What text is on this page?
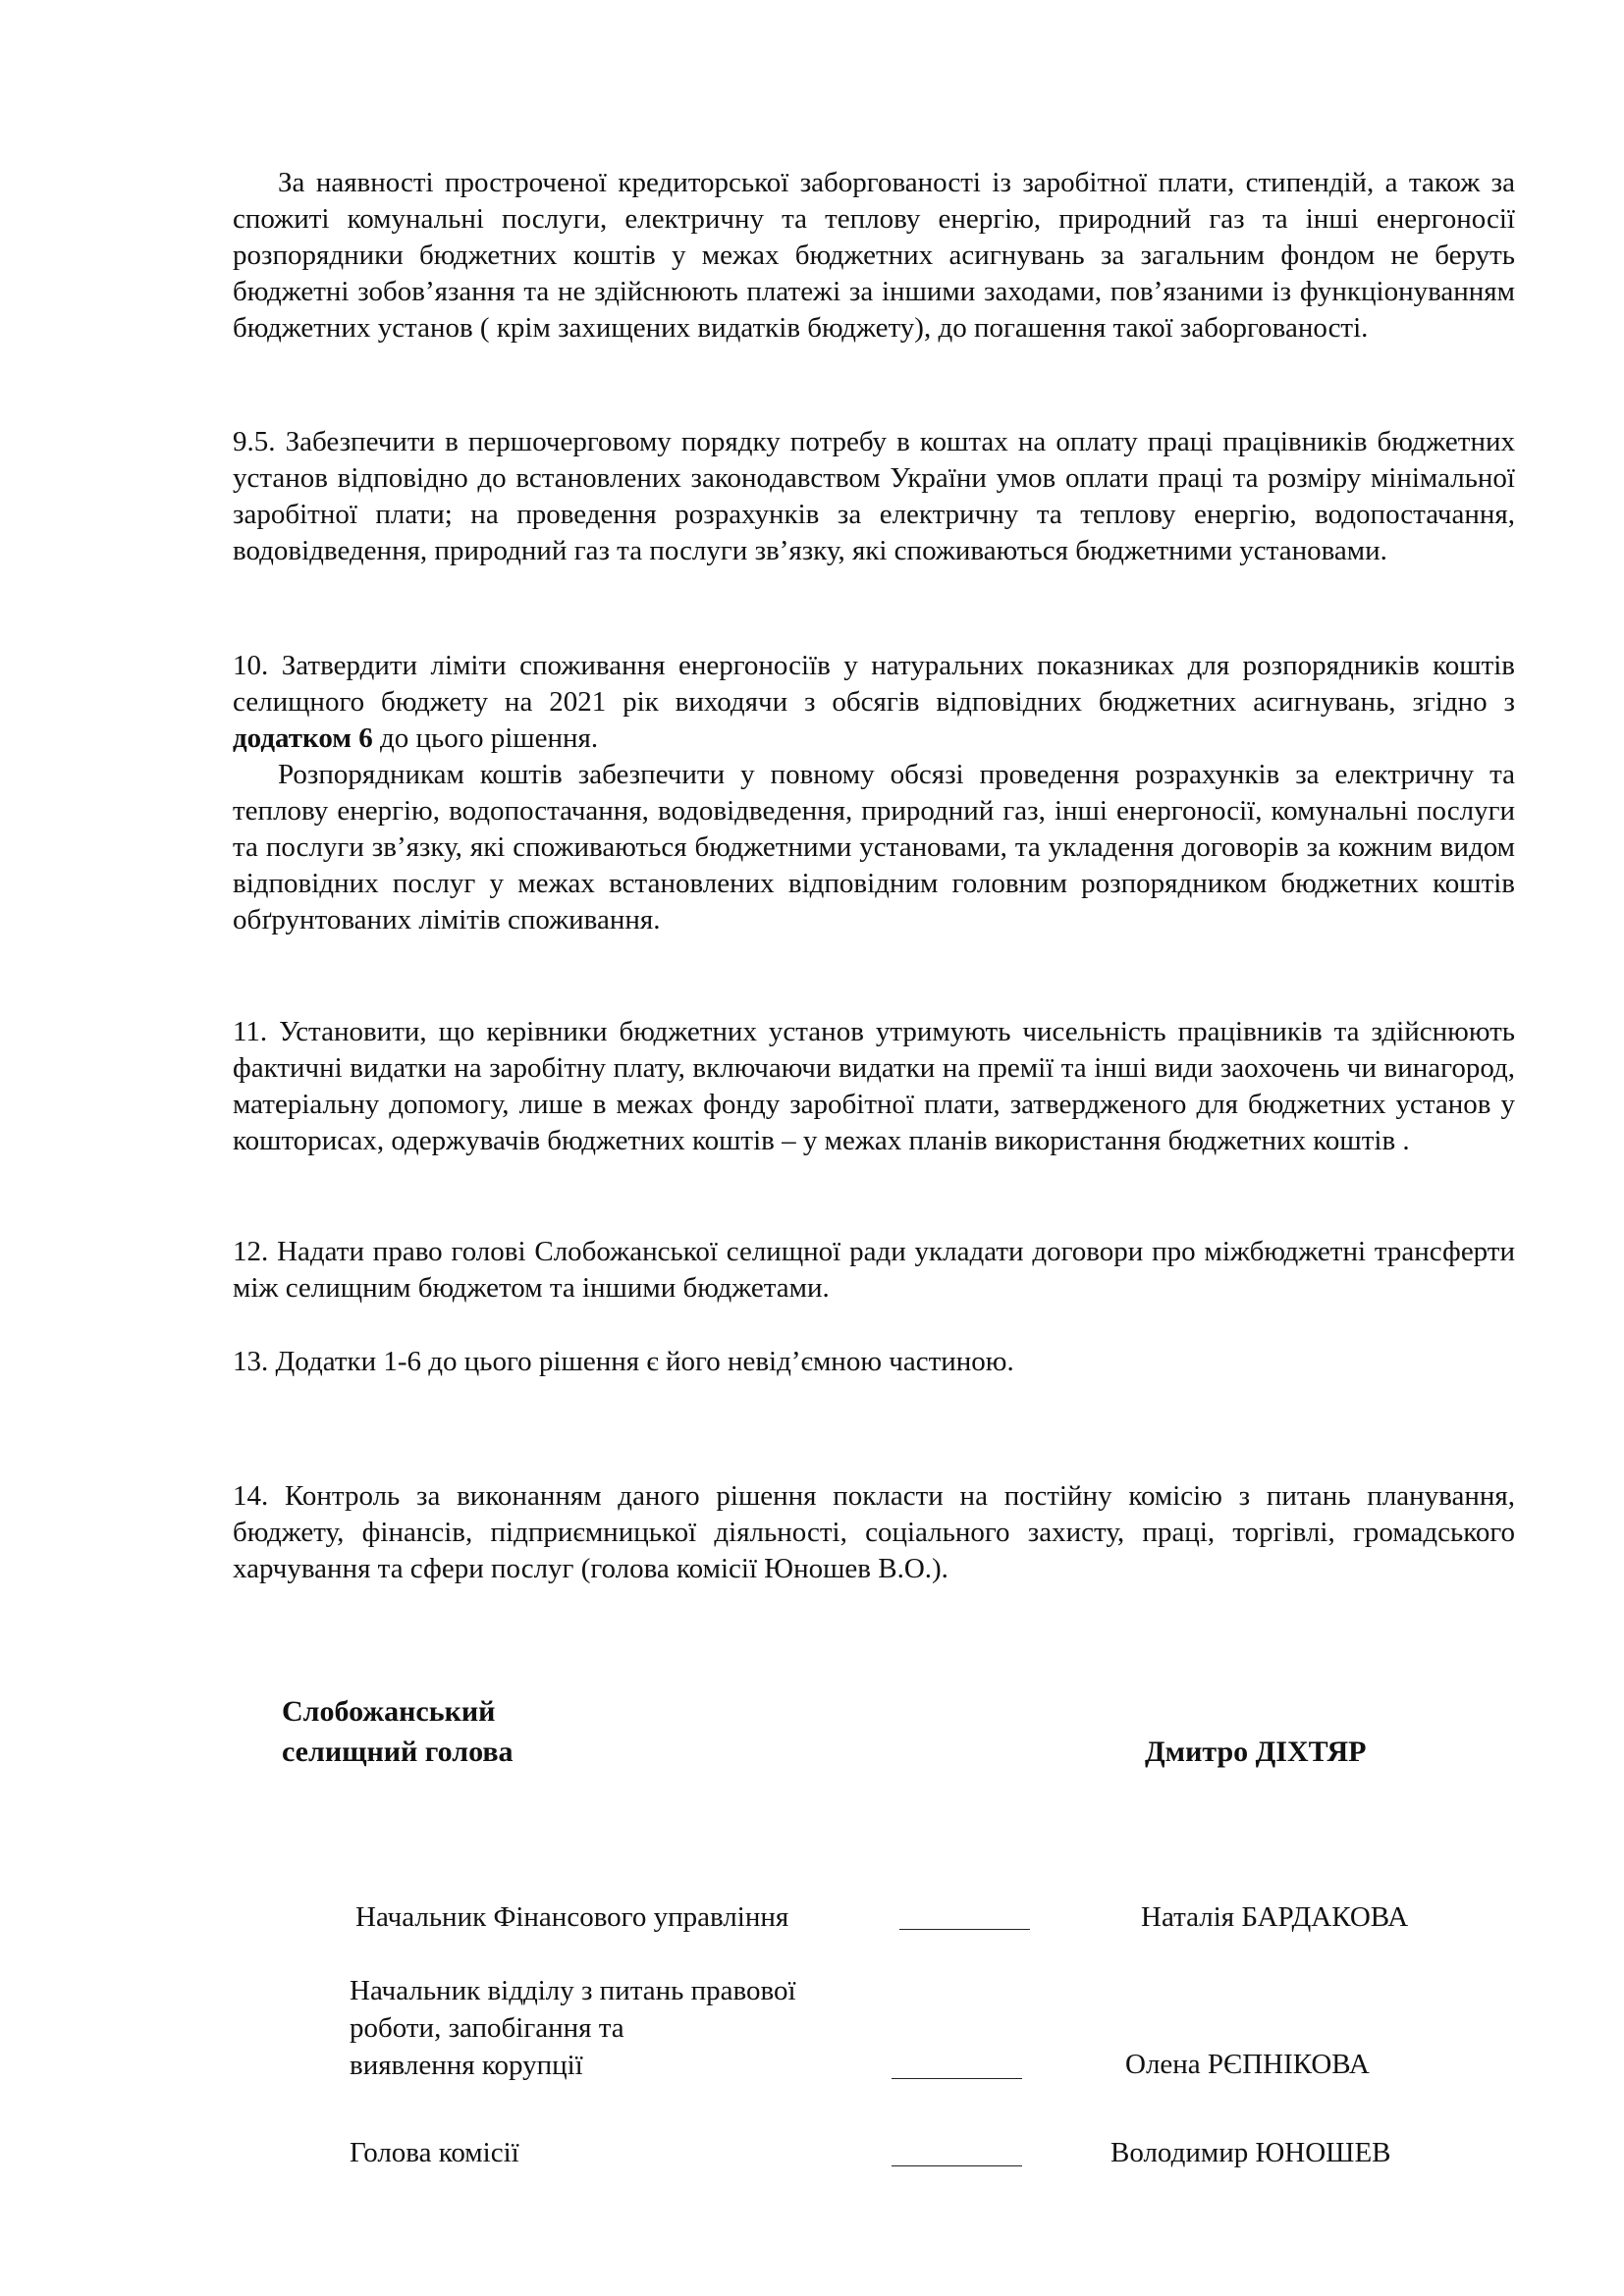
За наявності простроченої кредиторської заборгованості із заробітної плати, стипендій, а також за спожиті комунальні послуги, електричну та теплову енергію, природний газ та інші енергоносії розпорядники бюджетних коштів у межах бюджетних асигнувань за загальним фондом не беруть бюджетні зобов’язання та не здійснюють платежі за іншими заходами, пов’язаними із функціонуванням бюджетних установ ( крім захищених видатків бюджету), до погашення такої заборгованості.

9.5. Забезпечити в першочерговому порядку потребу в коштах на оплату праці працівників бюджетних установ відповідно до встановлених законодавством України умов оплати праці та розміру мінімальної заробітної плати; на проведення розрахунків за електричну та теплову енергію, водопостачання, водовідведення, природний газ та послуги зв’язку, які споживаються бюджетними установами.

10. Затвердити ліміти споживання енергоносіїв у натуральних показниках для розпорядників коштів селищного бюджету на 2021 рік виходячи з обсягів відповідних бюджетних асигнувань, згідно з додатком 6 до цього рішення.

Розпорядникам коштів забезпечити у повному обсязі проведення розрахунків за електричну та теплову енергію, водопостачання, водовідведення, природний газ, інші енергоносії, комунальні послуги та послуги зв’язку, які споживаються бюджетними установами, та укладення договорів за кожним видом відповідних послуг у межах встановлених відповідним головним розпорядником бюджетних коштів обґрунтованих лімітів споживання.

11. Установити, що керівники бюджетних установ утримують чисельність працівників та здійснюють фактичні видатки на заробітну плату, включаючи видатки на премії та інші види заохочень чи винагород, матеріальну допомогу, лише в межах фонду заробітної плати, затвердженого для бюджетних установ у кошторисах, одержувачів бюджетних коштів – у межах планів використання бюджетних коштів .

12. Надати право голові Слобожанської селищної ради укладати договори про міжбюджетні трансферти між селищним бюджетом та іншими бюджетами.

13. Додатки 1-6 до цього рішення є його невід’ємною частиною.

14. Контроль за виконанням даного рішення покласти на постійну комісію з питань планування, бюджету, фінансів, підприємницької діяльності, соціального захисту, праці, торгівлі, громадського харчування та сфери послуг (голова комісії Юношев В.О.).

Слобожанський
селищний голова	Дмитро ДІХТЯР
Начальник Фінансового управління	Наталія БАРДАКОВА
Начальник відділу з питань правової
роботи, запобігання та
виявлення корупції	Олена РЄПНІКОВА
Голова комісії	Володимир ЮНОШЕВ
